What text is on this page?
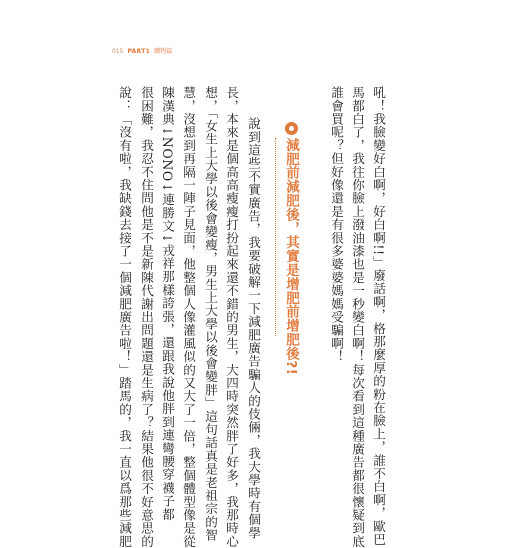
015 PART1 購物篇
吼！我臉變好白啊，好白啊!!」廢話啊，格那麼厚的粉在臉上，誰不白啊，歐巴
馬都白了，我往你臉上潑油漆也是一秒變白啊！每次看到這種廣告都很懷疑到底
誰會買呢？但好像還是有很多婆婆媽媽受騙啊！
減肥前減肥後，其實是增肥前增肥後?!
說到這些不實廣告，我要破解一下減肥廣告騙人的伎倆，我大學時有個學
長，本來是個高高瘦瘦打扮起來還不錯的男生，大四時突然胖了好多，我那時心
想，「女生上大學以後會變瘦，男生上大學以後會變胖」這句話真是老祖宗的智
慧，沒想到再隔一陣子見面，他整個人像灌風似的又大了一倍，整個體型像是從
陳漢典↓NONO↓連勝文↓戎祥那樣誇張，還跟我說他胖到連彎腰穿襪子都
很困難，我忍不住問他是不是新陳代謝出問題還是生病了？結果他很不好意思的
說：「沒有啦，我缺錢去接了一個減肥廣告啦！」踏馬的，我一直以爲那些減肥
